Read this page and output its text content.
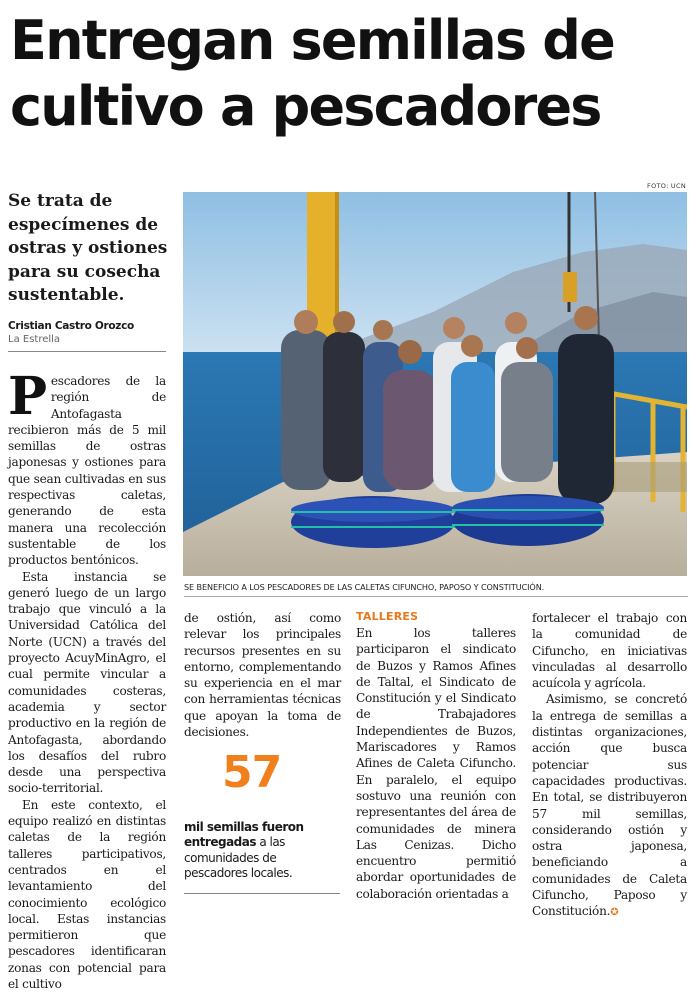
Entregan semillas de
cultivo a pescadores

Se trata de especímenes de ostras y ostiones para su cosecha sustentable.

Cristian Castro Orozco
La Estrella
FOTO: UCN
SE BENEFICIO A LOS PESCADORES DE LAS CALETAS CIFUNCHO, PAPOSO Y CONSTITUCIÓN.

Pescadores de la región de Antofagasta recibieron más de 5 mil semillas de ostras japonesas y ostiones para que sean cultivadas en sus respectivas caletas, generando de esta manera una recolección sustentable de los productos bentónicos.

Esta instancia se generó luego de un largo trabajo que vinculó a la Universidad Católica del Norte (UCN) a través del proyecto AcuyMinAgro, el cual permite vincular a comunidades costeras, academia y sector productivo en la región de Antofagasta, abordando los desafíos del rubro desde una perspectiva socio-territorial.

En este contexto, el equipo realizó en distintas caletas de la región talleres participativos, centrados en el levantamiento del conocimiento ecológico local. Estas instancias permitieron que pescadores identificaran zonas con potencial para el cultivo

de ostión, así como relevar los principales recursos presentes en su entorno, complementando su experiencia en el mar con herramientas técnicas que apoyan la toma de decisiones.

57
mil semillas fueron entregadas a las comunidades de pescadores locales.
TALLERES

En los talleres participaron el sindicato de Buzos y Ramos Afines de Taltal, el Sindicato de Constitución y el Sindicato de Trabajadores Independientes de Buzos, Mariscadores y Ramos Afines de Caleta Cifuncho. En paralelo, el equipo sostuvo una reunión con representantes del área de comunidades de minera Las Cenizas. Dicho encuentro permitió abordar oportunidades de colaboración orientadas a

fortalecer el trabajo con la comunidad de Cifuncho, en iniciativas vinculadas al desarrollo acuícola y agrícola.

Asimismo, se concretó la entrega de semillas a distintas organizaciones, acción que busca potenciar sus capacidades productivas. En total, se distribuyeron 57 mil semillas, considerando ostión y ostra japonesa, beneficiando a comunidades de Caleta Cifuncho, Paposo y Constitución.✪
